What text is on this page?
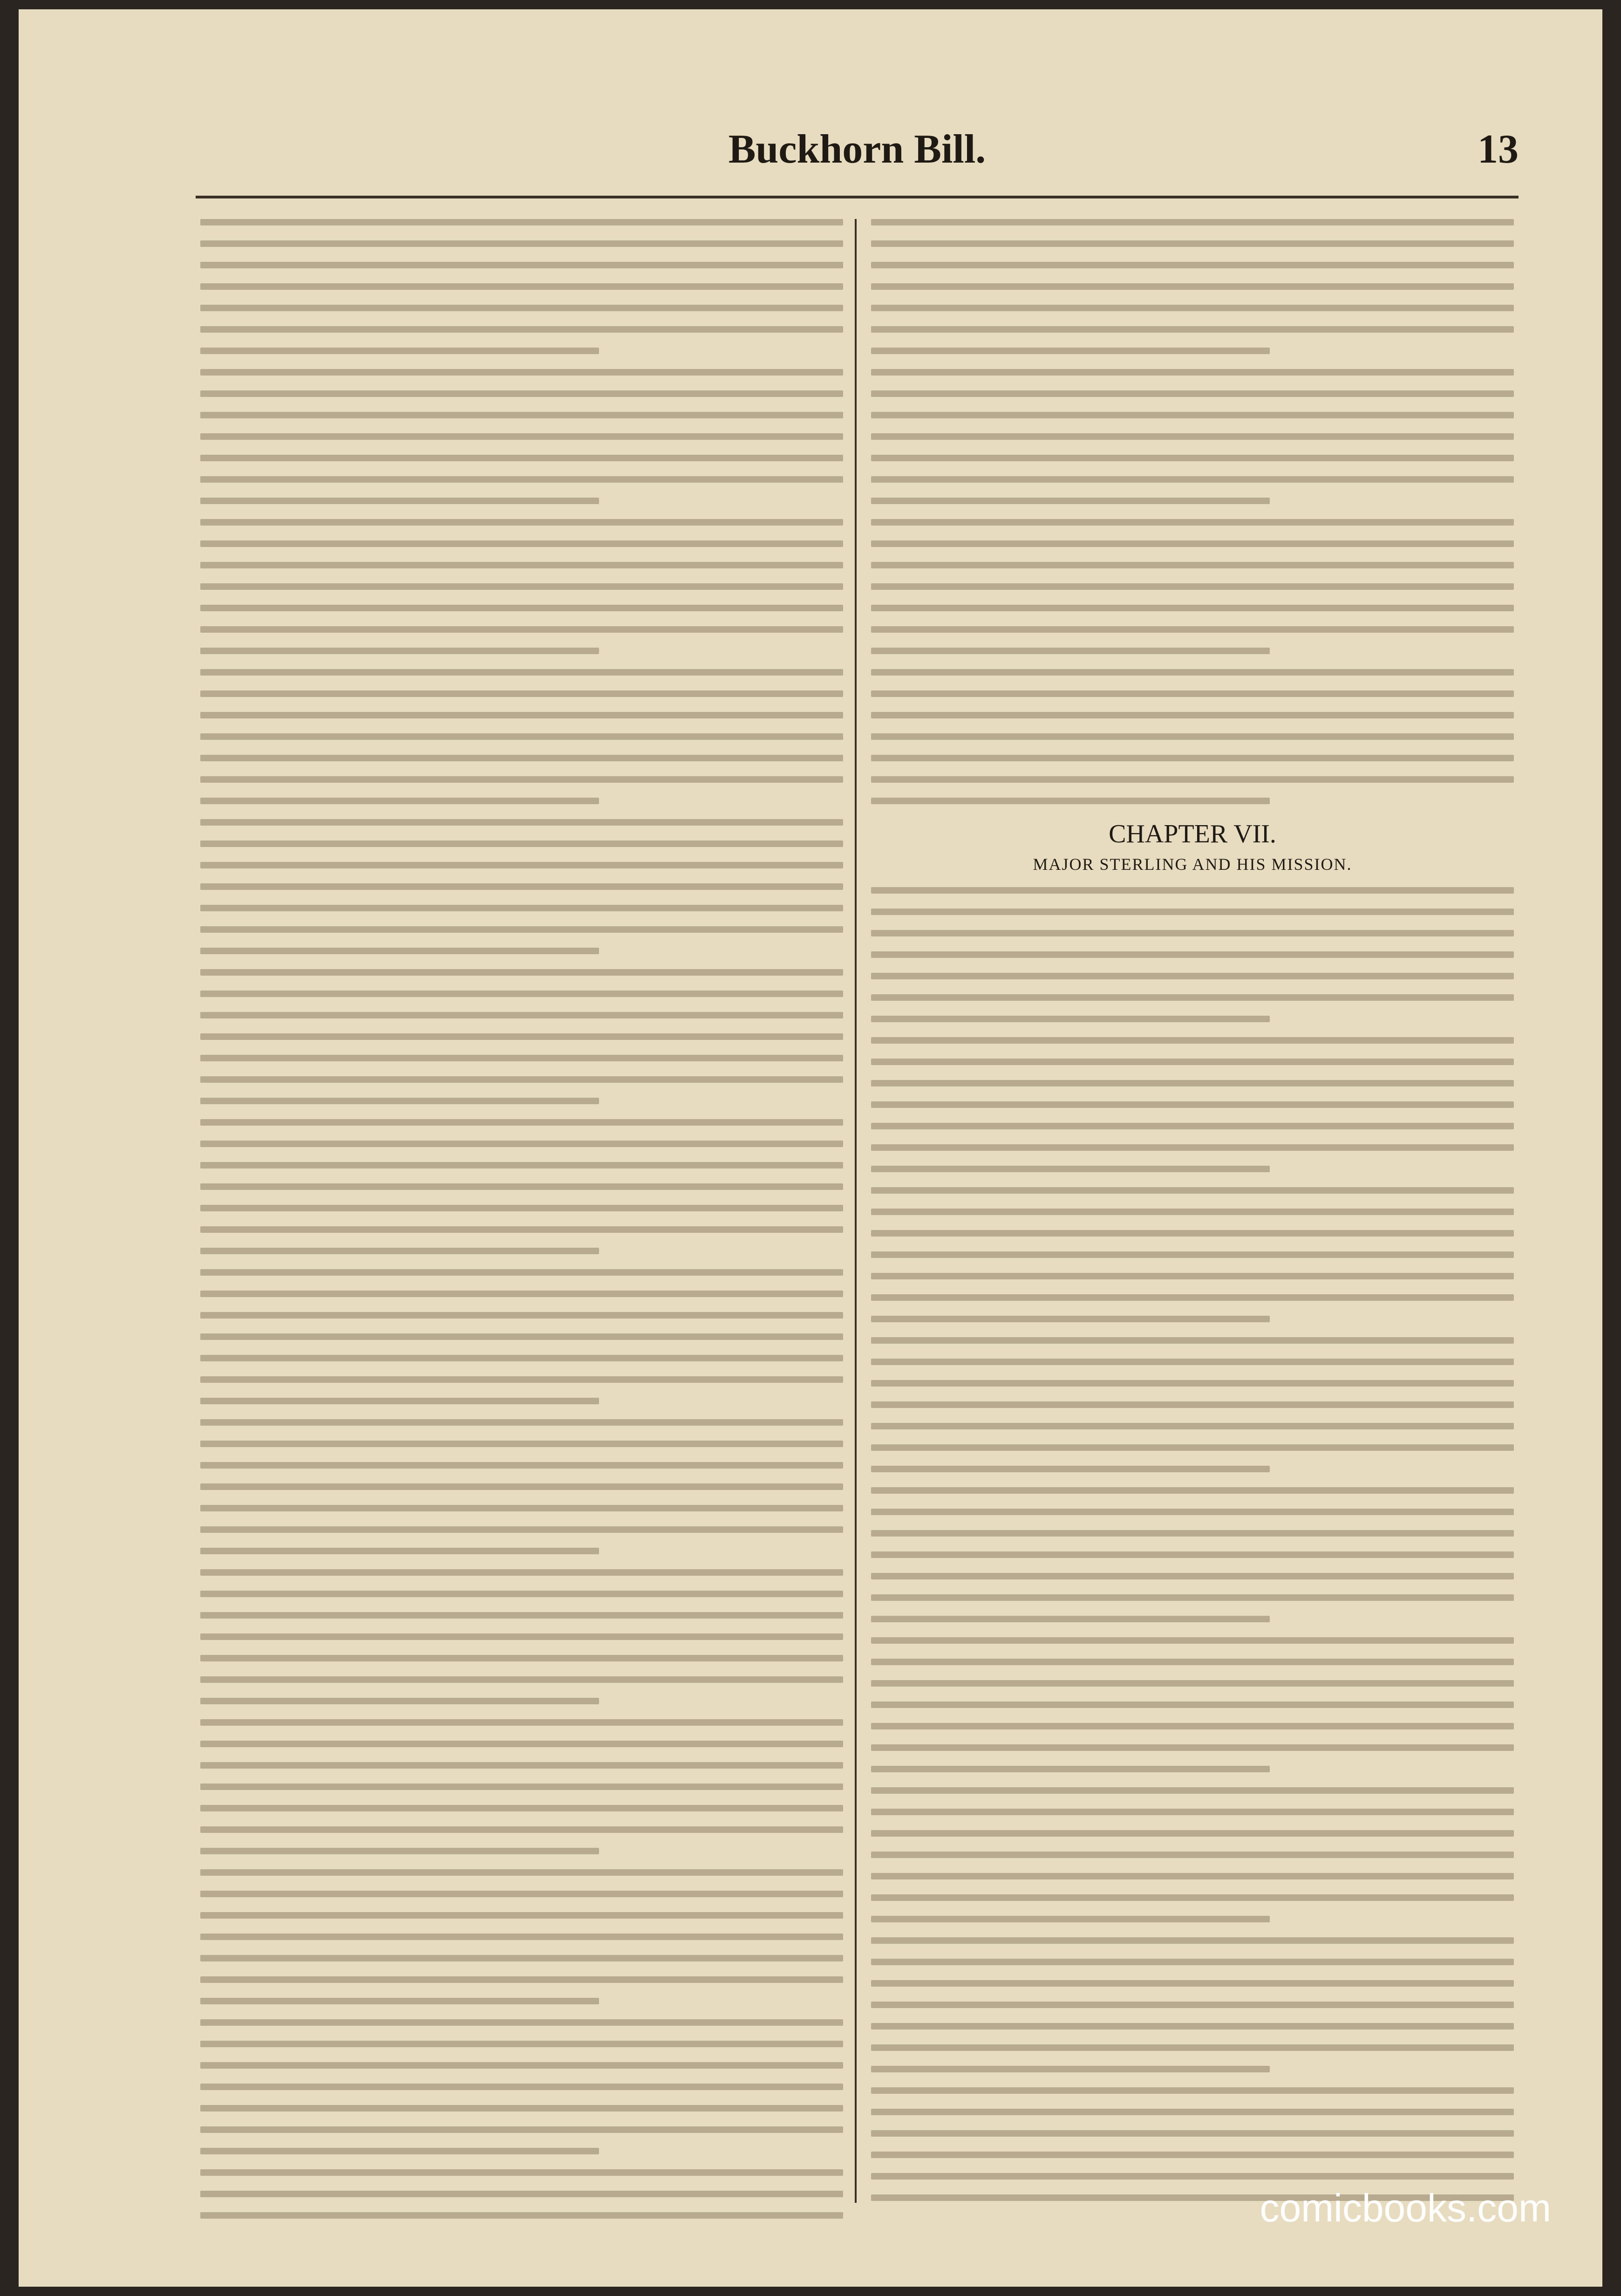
Buckhorn Bill.	13
CHAPTER VII.
MAJOR STERLING AND HIS MISSION.
comicbooks.com
